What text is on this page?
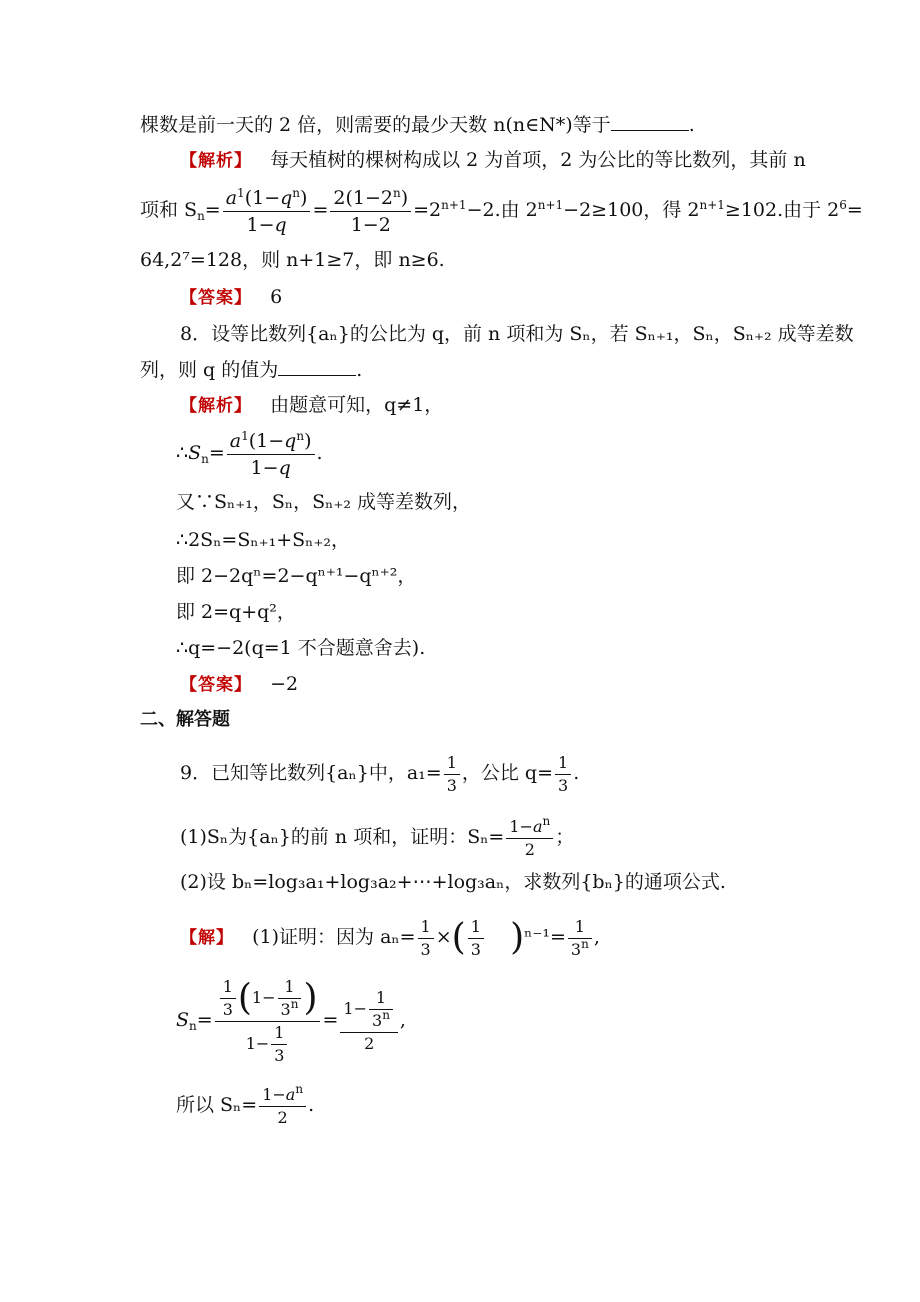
棵数是前一天的 2 倍，则需要的最少天数 n(n∈N*)等于	.
【解析】 每天植树的棵树构成以 2 为首项，2 为公比的等比数列，其前 n
项和 $S_n= \frac{a^1(1-q^n)}{1-q} = \frac{2(1-2^n)}{1-2} =2^{n+1}-2$.由 $2^{n+1}-2\ge 100$，得 $2^{n+1}\ge 102$.由于 $2^6=$
64,2⁷=128，则 n+1≥7，即 n≥6.
【答案】 6
8．设等比数列{aₙ}的公比为 q，前 n 项和为 Sₙ，若 Sₙ₊₁，Sₙ，Sₙ₊₂ 成等差数
列，则 q 的值为	.
【解析】 由题意可知，q≠1，
$\therefore S_n= \frac{a^1(1-q^n)}{1-q}$ .
又∵Sₙ₊₁，Sₙ，Sₙ₊₂ 成等差数列，
∴2Sₙ=Sₙ₊₁+Sₙ₊₂，
即 2−2qⁿ=2−qⁿ⁺¹−qⁿ⁺²，
即 2=q+q²，
∴q=−2(q=1 不合题意舍去).
【答案】 −2
二、解答题
9．已知等比数列{aₙ}中，$a_1= \frac{1}{3}$ ，公比 $q= \frac{1}{3}$ .
(1)Sₙ为{aₙ}的前 n 项和，证明：$S_n= \frac{1-a^n}{2}$ ；
(2)设 bₙ=log₃a₁+log₃a₂+⋯+log₃aₙ，求数列{bₙ}的通项公式.
【解】 (1)证明：因为 $a_n= \frac{1}{3}$ ×( $\frac{1}{3} )^{n-1}= \frac{1}{3^n}$ ,
$S_n= \frac{\frac{1}{3} (1- \frac{1}{3^n} )}{1- \frac{1}{3}} = \frac{1- \frac{1}{3^n}}{2}$ ,
所以 $S_n= \frac{1-a^n}{2}$ .
